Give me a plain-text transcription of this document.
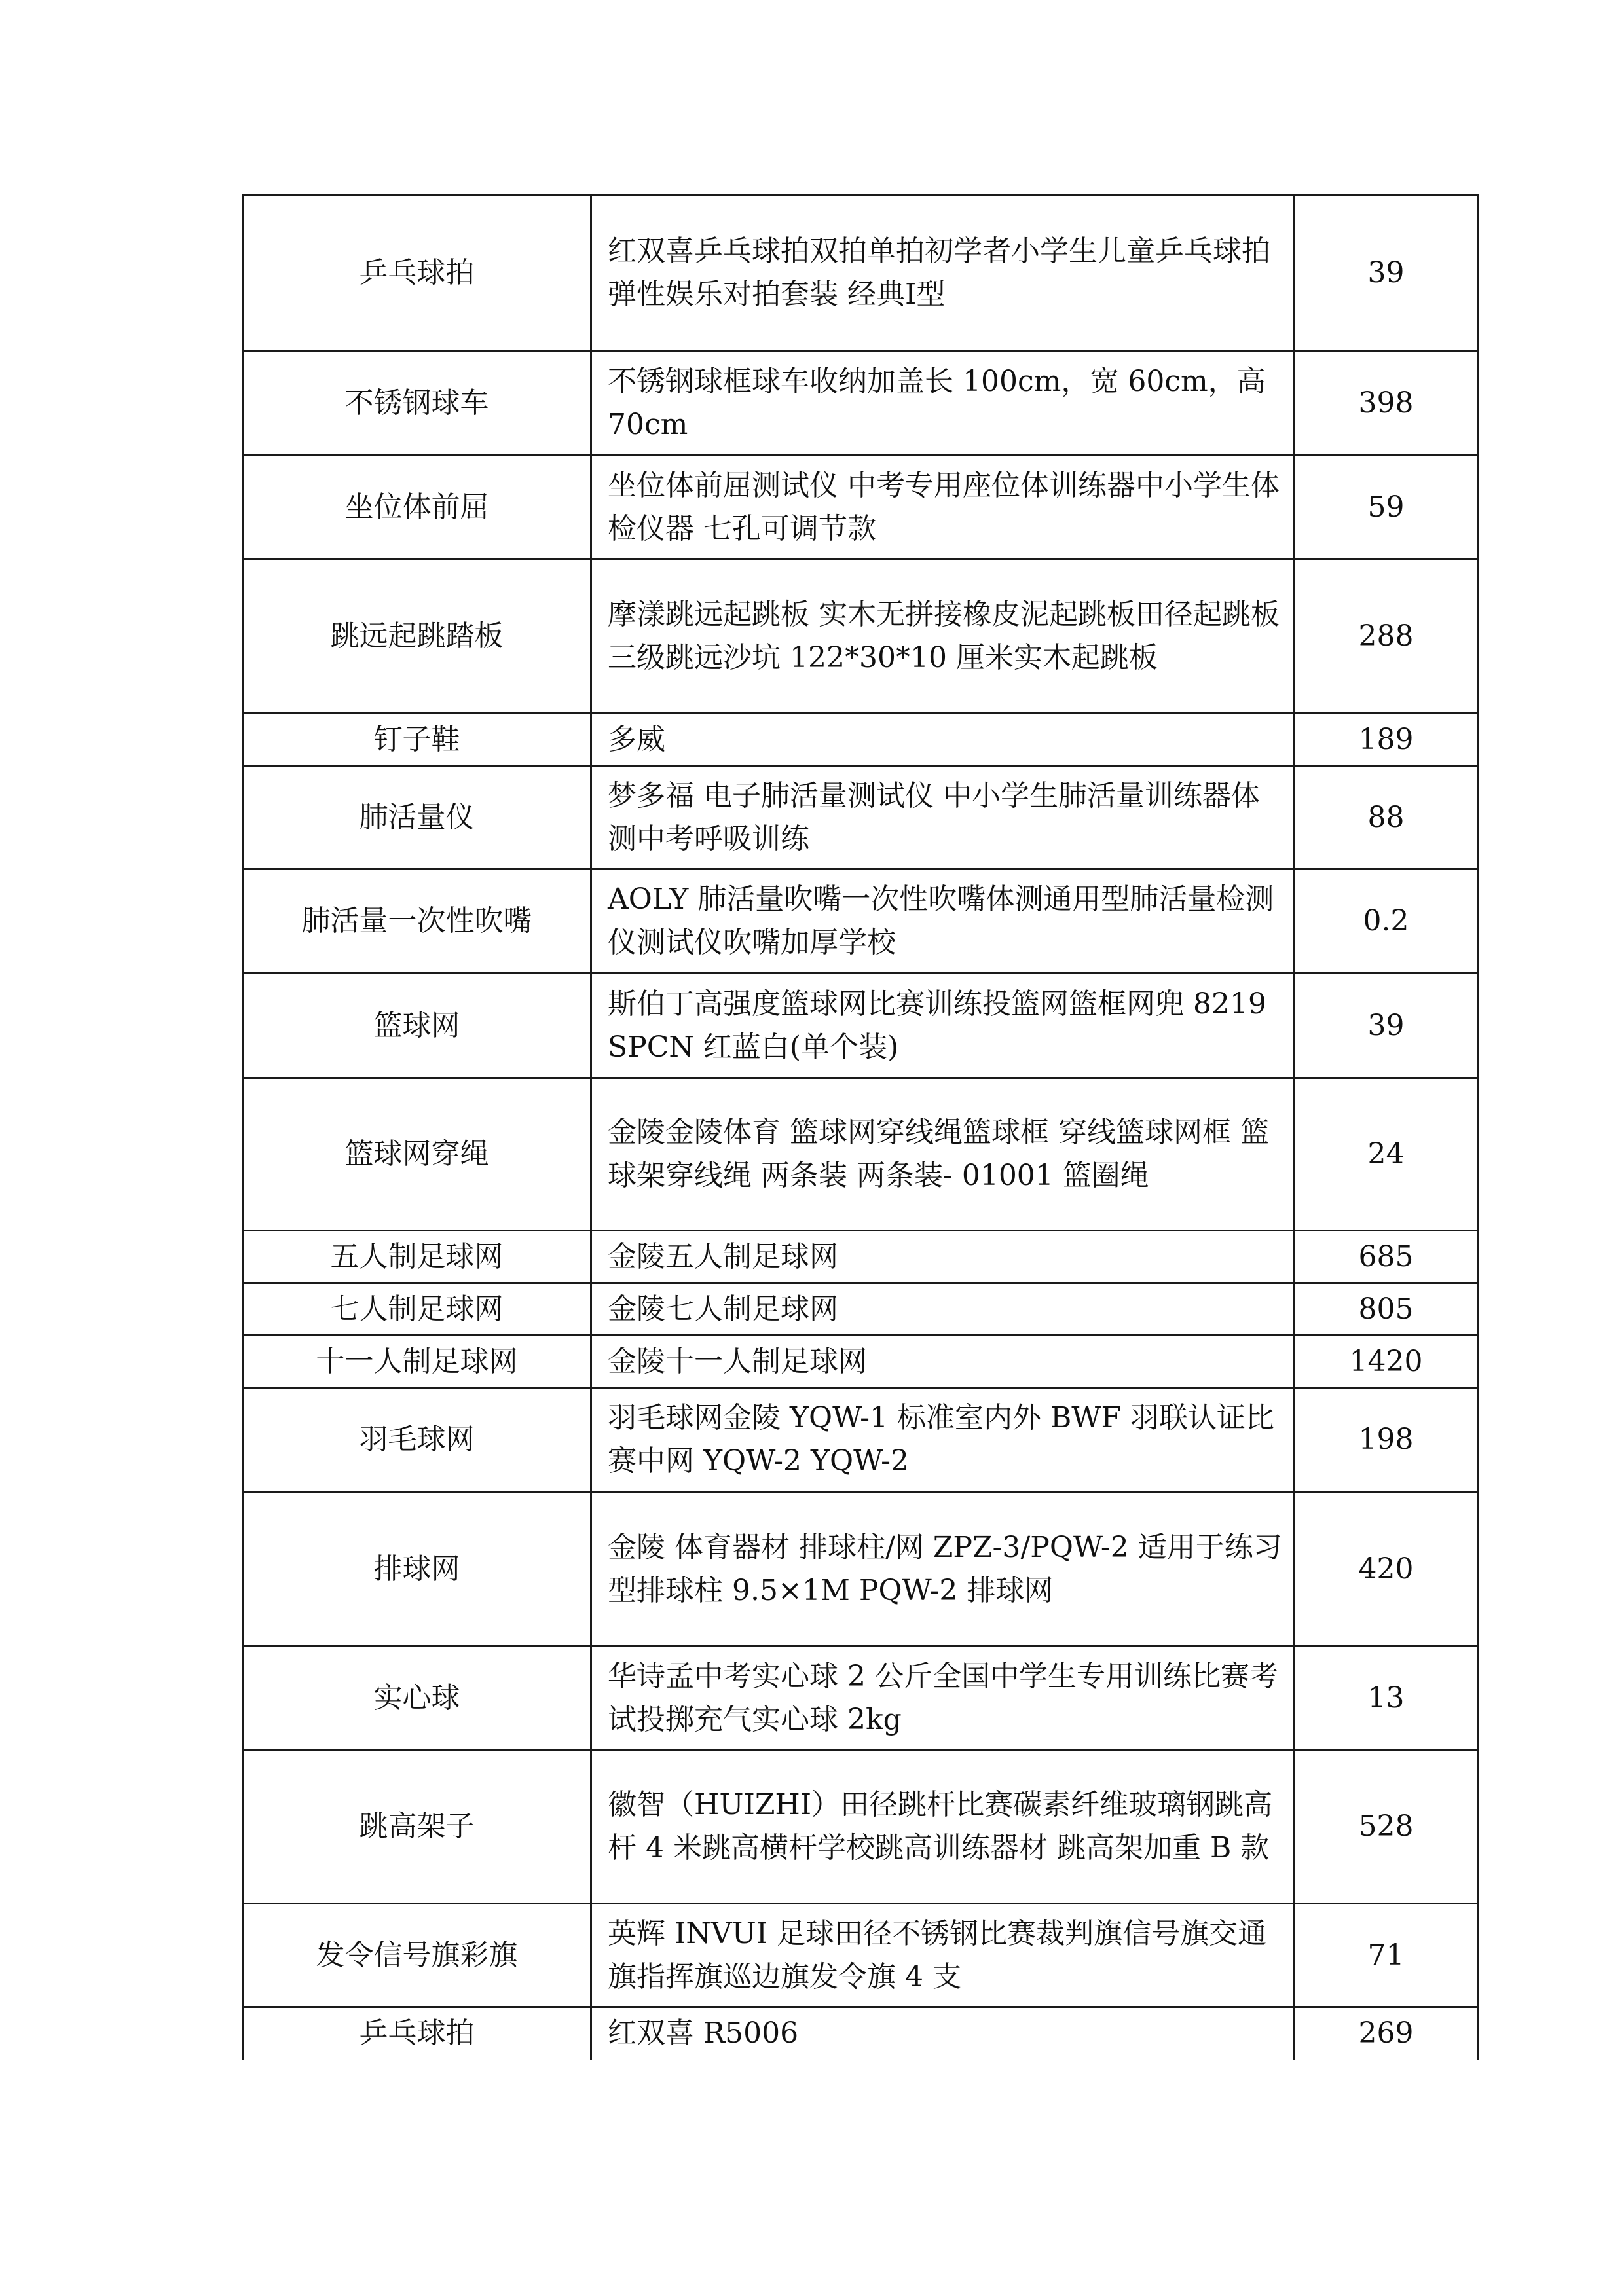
乒乓球拍	红双喜乒乓球拍双拍单拍初学者小学生儿童乒乓球拍弹性娱乐对拍套装 经典Ⅰ型	39
不锈钢球车	不锈钢球框球车收纳加盖长 100cm，宽 60cm，高 70cm	398
坐位体前屈	坐位体前屈测试仪 中考专用座位体训练器中小学生体检仪器 七孔可调节款	59
跳远起跳踏板	摩漾跳远起跳板 实木无拼接橡皮泥起跳板田径起跳板三级跳远沙坑 122*30*10 厘米实木起跳板	288
钉子鞋	多威	189
肺活量仪	梦多福 电子肺活量测试仪 中小学生肺活量训练器体测中考呼吸训练	88
肺活量一次性吹嘴	AOLY 肺活量吹嘴一次性吹嘴体测通用型肺活量检测仪测试仪吹嘴加厚学校	0.2
篮球网	斯伯丁高强度篮球网比赛训练投篮网篮框网兜 8219SPCN 红蓝白(单个装)	39
篮球网穿绳	金陵金陵体育 篮球网穿线绳篮球框 穿线篮球网框 篮球架穿线绳 两条装 两条装- 01001 篮圈绳	24
五人制足球网	金陵五人制足球网	685
七人制足球网	金陵七人制足球网	805
十一人制足球网	金陵十一人制足球网	1420
羽毛球网	羽毛球网金陵 YQW-1 标准室内外 BWF 羽联认证比赛中网 YQW-2 YQW-2	198
排球网	金陵 体育器材 排球柱/网 ZPZ-3/PQW-2 适用于练习型排球柱 9.5×1M PQW-2 排球网	420
实心球	华诗孟中考实心球 2 公斤全国中学生专用训练比赛考试投掷充气实心球 2kg	13
跳高架子	徽智（HUIZHI）田径跳杆比赛碳素纤维玻璃钢跳高杆 4 米跳高横杆学校跳高训练器材 跳高架加重 B 款	528
发令信号旗彩旗	英辉 INVUI 足球田径不锈钢比赛裁判旗信号旗交通旗指挥旗巡边旗发令旗 4 支	71
乒乓球拍	红双喜 R5006	269
